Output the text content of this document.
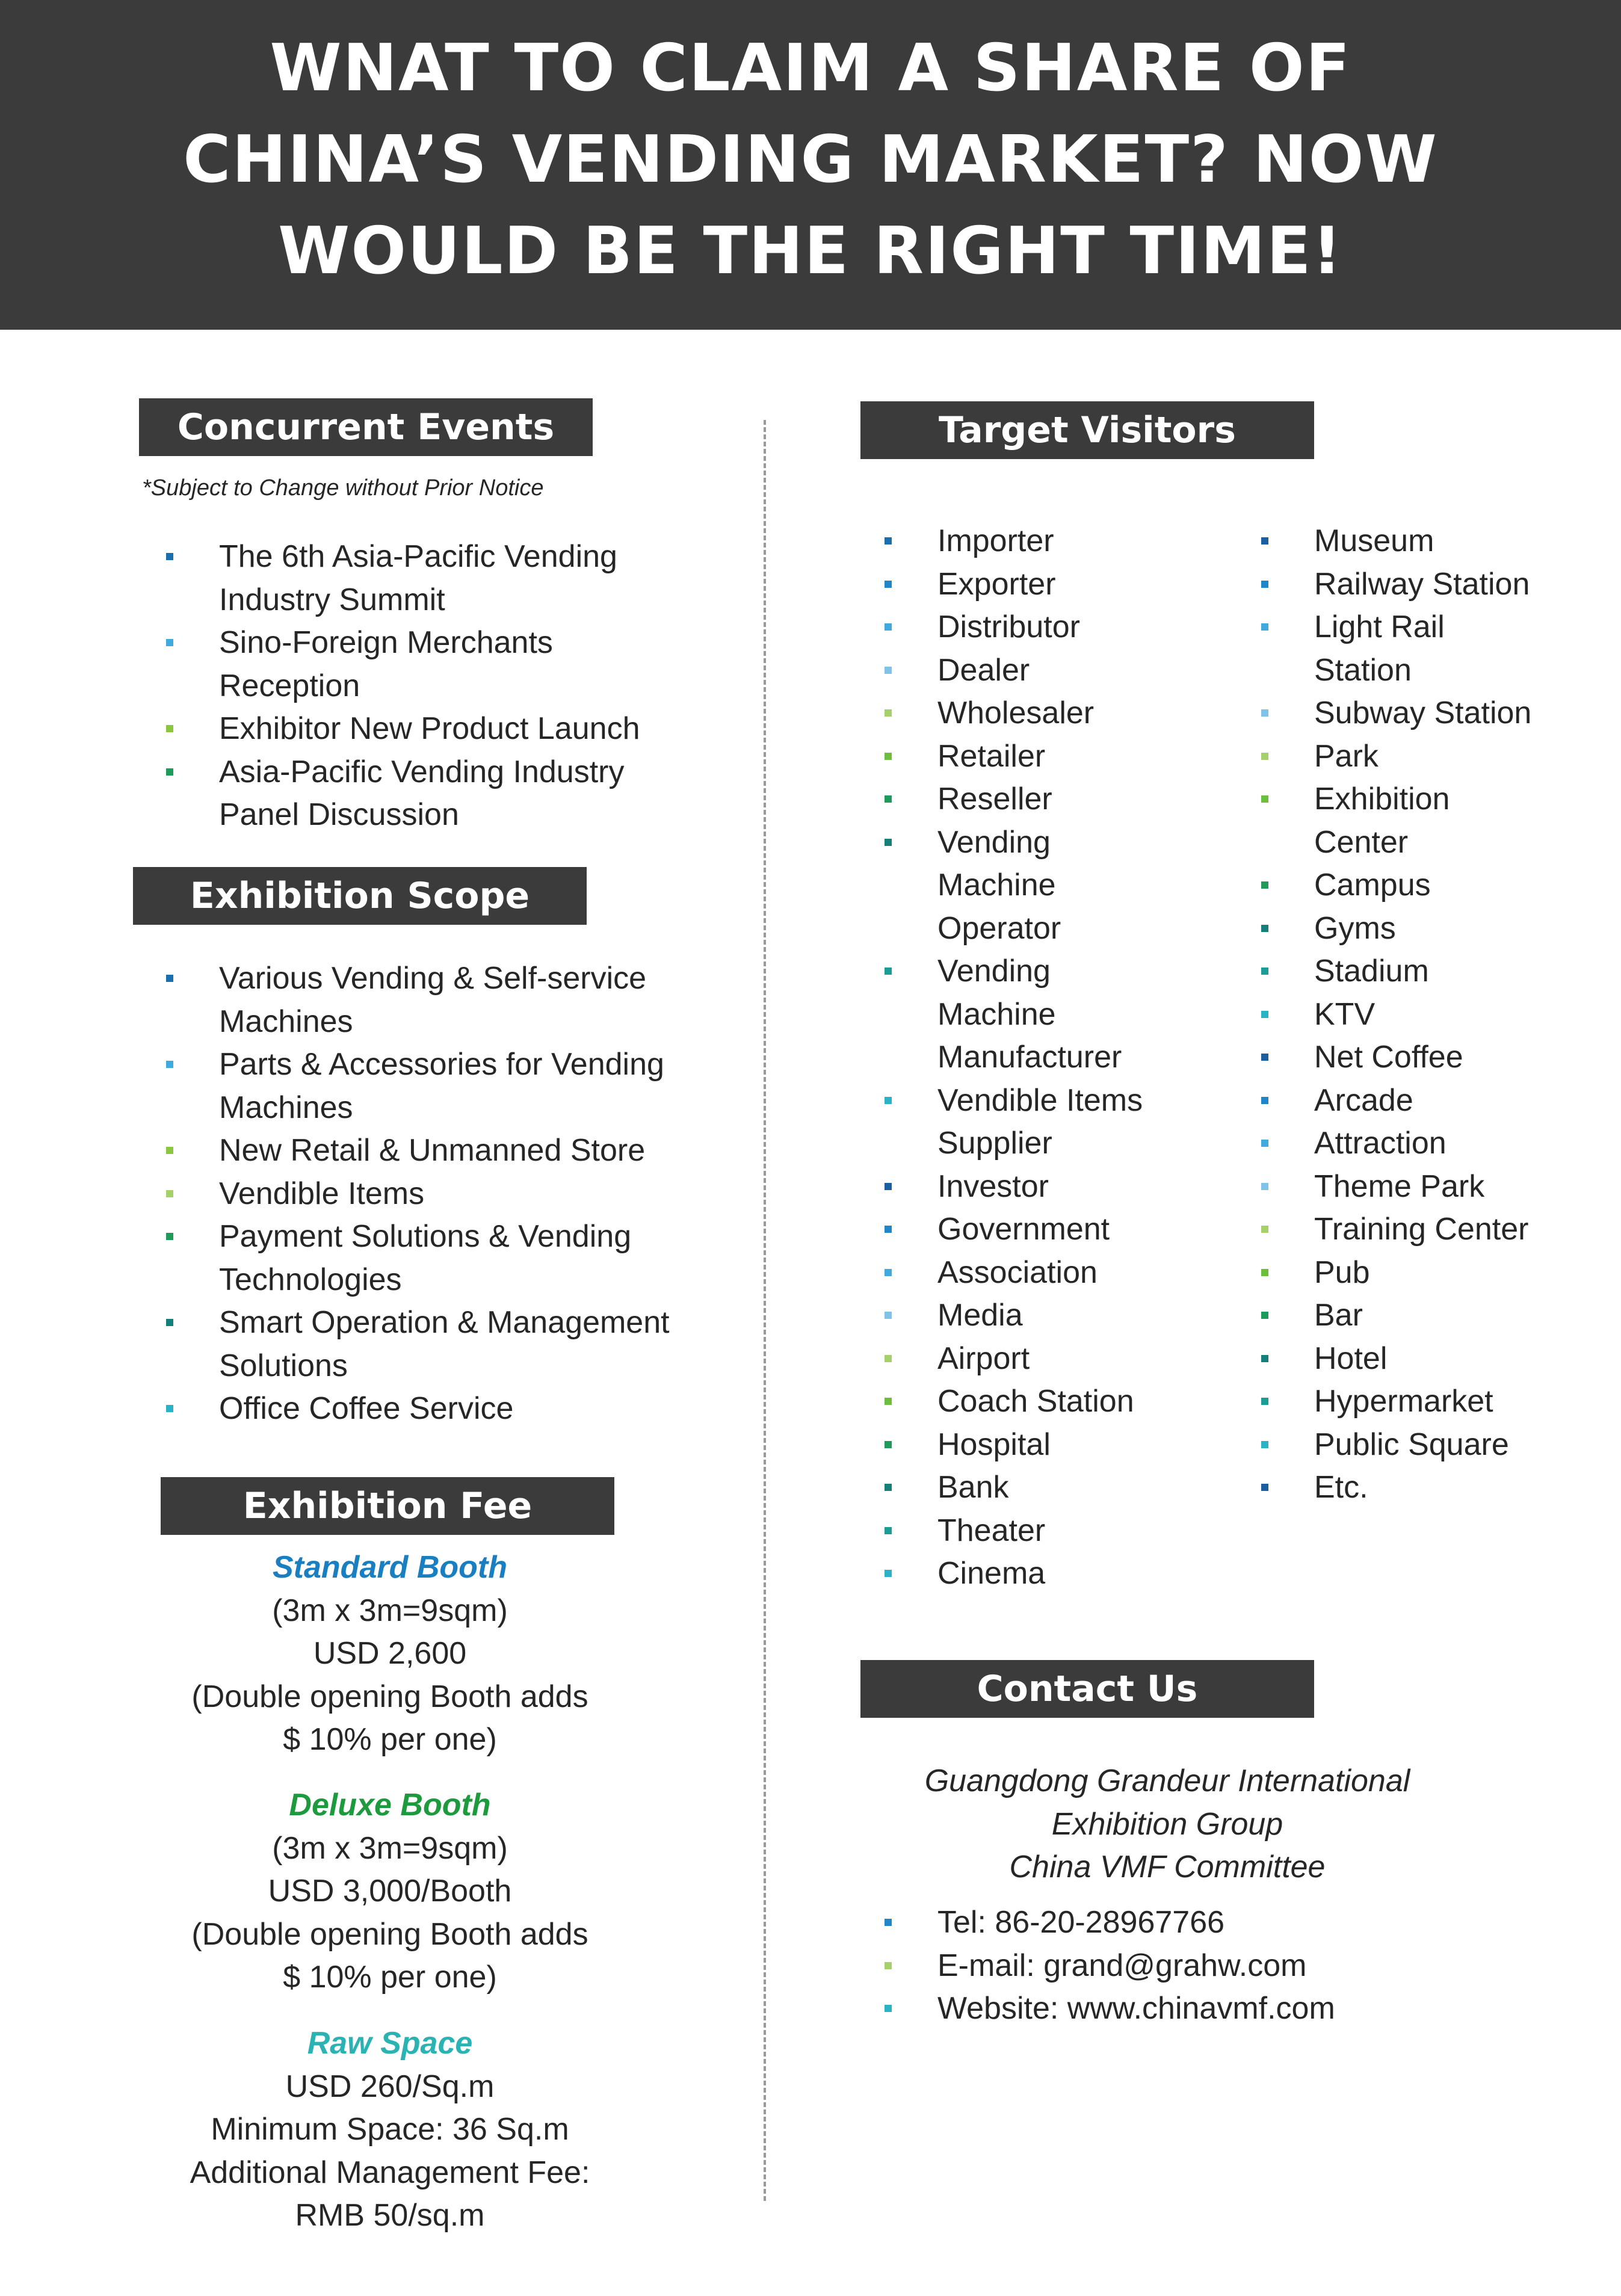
WNAT TO CLAIM A SHARE OF
CHINA’S VENDING MARKET? NOW
WOULD BE THE RIGHT TIME!
Concurrent Events
*Subject to Change without Prior Notice
The 6th Asia-Pacific Vending
Industry Summit
Sino-Foreign Merchants
Reception
Exhibitor New Product Launch
Asia-Pacific Vending Industry
Panel Discussion
Exhibition Scope
Various Vending & Self-service
Machines
Parts & Accessories for Vending
Machines
New Retail & Unmanned Store
Vendible Items
Payment Solutions & Vending
Technologies
Smart Operation & Management
Solutions
Office Coffee Service
Exhibition Fee
Standard Booth
(3m x 3m=9sqm)
USD 2,600
(Double opening Booth adds
$ 10% per one)
Deluxe Booth
(3m x 3m=9sqm)
USD 3,000/Booth
(Double opening Booth adds
$ 10% per one)
Raw Space
USD 260/Sq.m
Minimum Space: 36 Sq.m
Additional Management Fee:
RMB 50/sq.m
Target Visitors
Importer
Exporter
Distributor
Dealer
Wholesaler
Retailer
Reseller
Vending
Machine
Operator
Vending
Machine
Manufacturer
Vendible Items
Supplier
Investor
Government
Association
Media
Airport
Coach Station
Hospital
Bank
Theater
Cinema
Museum
Railway Station
Light Rail
Station
Subway Station
Park
Exhibition
Center
Campus
Gyms
Stadium
KTV
Net Coffee
Arcade
Attraction
Theme Park
Training Center
Pub
Bar
Hotel
Hypermarket
Public Square
Etc.
Contact Us
Guangdong Grandeur International
Exhibition Group
China VMF Committee
Tel: 86-20-28967766
E-mail: grand@grahw.com
Website: www.chinavmf.com
